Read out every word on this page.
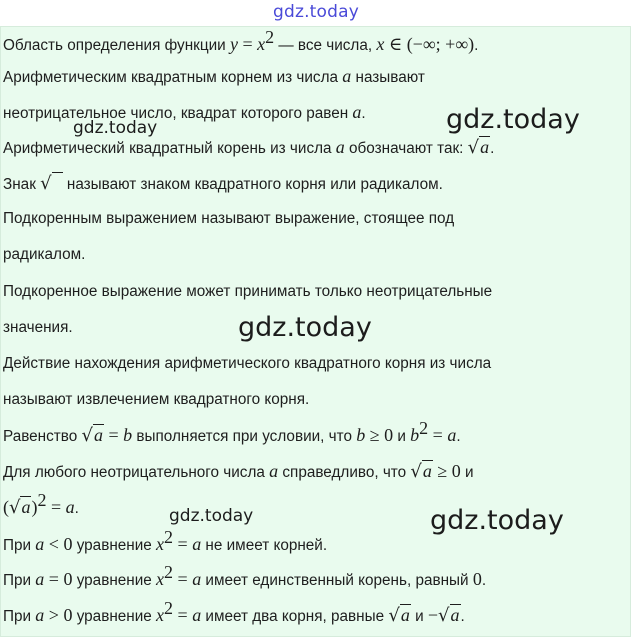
gdz.today
Область определения функции $y = x^2$ — все числа, x ∈ (−∞; +∞).
Арифметическим квадратным корнем из числа a называют
неотрицательное число, квадрат которого равен a.
Арифметический квадратный корень из числа a обозначают так: √a.
Знак √   называют знаком квадратного корня или радикалом.
Подкоренным выражением называют выражение, стоящее под
радикалом.
Подкоренное выражение может принимать только неотрицательные
значения.
Действие нахождения арифметического квадратного корня из числа
называют извлечением квадратного корня.
Равенство √a = b выполняется при условии, что b ≥ 0 и $b^2 = a$.
Для любого неотрицательного числа a справедливо, что √a ≥ 0 и
$(√a)^2 = a$.
При a < 0 уравнение $x^2 = a$ не имеет корней.
При a = 0 уравнение $x^2 = a$ имеет единственный корень, равный 0.
При a > 0 уравнение $x^2 = a$ имеет два корня, равные √a и −√a.
gdz.today
gdz.today
gdz.today
gdz.today	gdz.today
